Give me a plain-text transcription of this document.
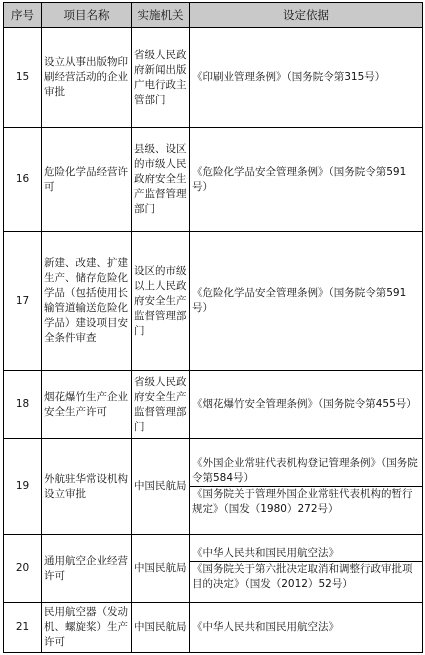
序号	项目名称	实施机关	设定依据
15	设立从事出版物印刷经营活动的企业审批	省级人民政府新闻出版广电行政主管部门	《印刷业管理条例》（国务院令第315号）

16	危险化学品经营许可	县级、设区的市级人民政府安全生产监督管理部门	《危险化学品安全管理条例》（国务院令第591号）

17	新建、改建、扩建生产、储存危险化学品（包括使用长输管道输送危险化学品）建设项目安全条件审查	设区的市级以上人民政府安全生产监督管理部门	《危险化学品安全管理条例》（国务院令第591号）

18	烟花爆竹生产企业安全生产许可	省级人民政府安全生产监督管理部门	《烟花爆竹安全管理条例》（国务院令第455号）

19	外航驻华常设机构设立审批	中国民航局	《外国企业常驻代表机构登记管理条例》（国务院令第584号）
《国务院关于管理外国企业常驻代表机构的暂行规定》（国发（1980）272号）

20	通用航空企业经营许可	中国民航局	《中华人民共和国民用航空法》
《国务院关于第六批决定取消和调整行政审批项目的决定》（国发（2012）52号）

21	民用航空器（发动机、螺旋桨）生产许可	中国民航局	《中华人民共和国民用航空法》
